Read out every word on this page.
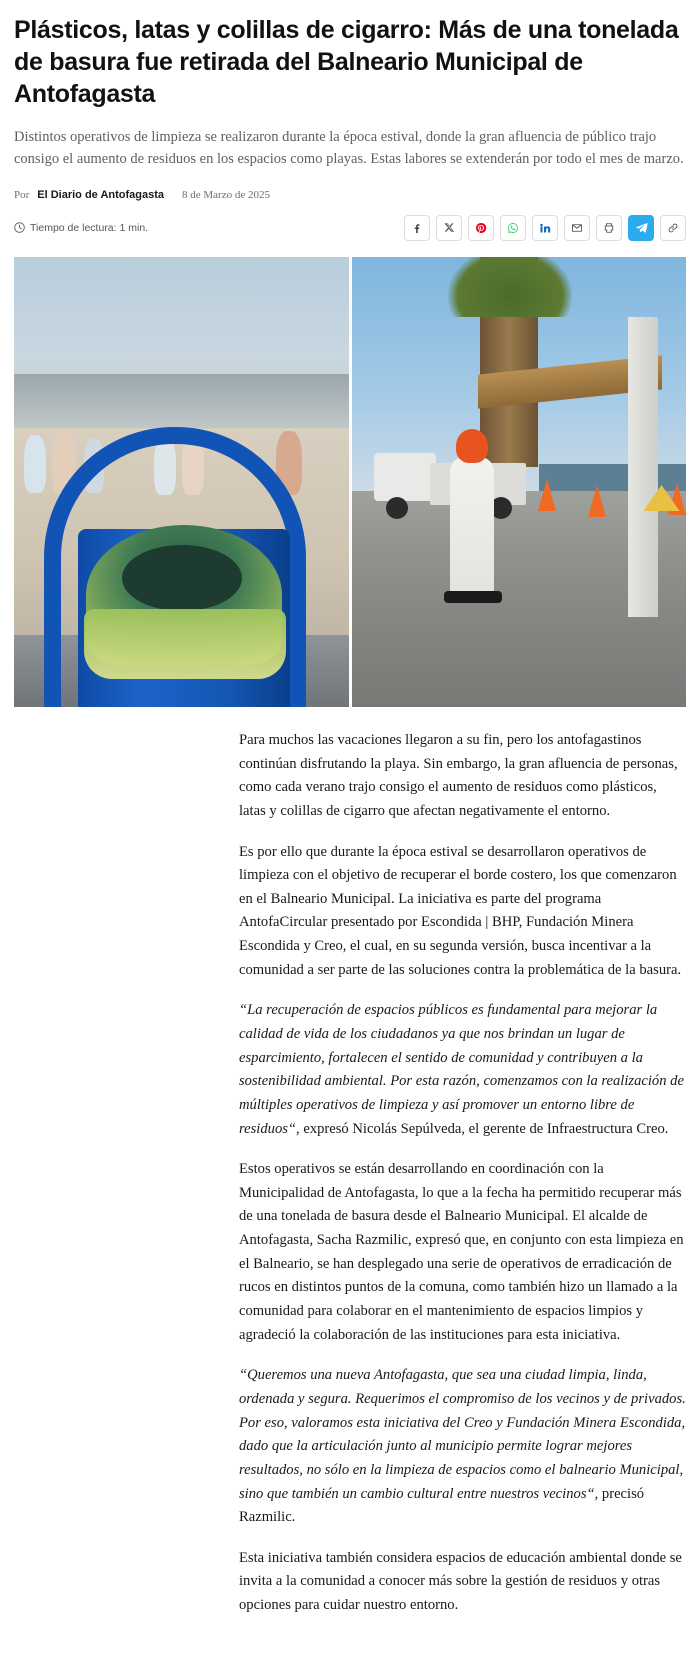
Plásticos, latas y colillas de cigarro: Más de una tonelada de basura fue retirada del Balneario Municipal de Antofagasta

Distintos operativos de limpieza se realizaron durante la época estival, donde la gran afluencia de público trajo consigo el aumento de residuos en los espacios como playas. Estas labores se extenderán por todo el mes de marzo.

Por El Diario de Antofagasta 8 de Marzo de 2025
Tiempo de lectura: 1 min.

Para muchos las vacaciones llegaron a su fin, pero los antofagastinos continúan disfrutando la playa. Sin embargo, la gran afluencia de personas, como cada verano trajo consigo el aumento de residuos como plásticos, latas y colillas de cigarro que afectan negativamente el entorno.

Es por ello que durante la época estival se desarrollaron operativos de limpieza con el objetivo de recuperar el borde costero, los que comenzaron en el Balneario Municipal. La iniciativa es parte del programa AntofaCircular presentado por Escondida | BHP, Fundación Minera Escondida y Creo, el cual, en su segunda versión, busca incentivar a la comunidad a ser parte de las soluciones contra la problemática de la basura.

“La recuperación de espacios públicos es fundamental para mejorar la calidad de vida de los ciudadanos ya que nos brindan un lugar de esparcimiento, fortalecen el sentido de comunidad y contribuyen a la sostenibilidad ambiental. Por esta razón, comenzamos con la realización de múltiples operativos de limpieza y así promover un entorno libre de residuos“, expresó Nicolás Sepúlveda, el gerente de Infraestructura Creo.

Estos operativos se están desarrollando en coordinación con la Municipalidad de Antofagasta, lo que a la fecha ha permitido recuperar más de una tonelada de basura desde el Balneario Municipal. El alcalde de Antofagasta, Sacha Razmilic, expresó que, en conjunto con esta limpieza en el Balneario, se han desplegado una serie de operativos de erradicación de rucos en distintos puntos de la comuna, como también hizo un llamado a la comunidad para colaborar en el mantenimiento de espacios limpios y agradeció la colaboración de las instituciones para esta iniciativa.

“Queremos una nueva Antofagasta, que sea una ciudad limpia, linda, ordenada y segura. Requerimos el compromiso de los vecinos y de privados. Por eso, valoramos esta iniciativa del Creo y Fundación Minera Escondida, dado que la articulación junto al municipio permite lograr mejores resultados, no sólo en la limpieza de espacios como el balneario Municipal, sino que también un cambio cultural entre nuestros vecinos“, precisó Razmilic.

Esta iniciativa también considera espacios de educación ambiental donde se invita a la comunidad a conocer más sobre la gestión de residuos y otras opciones para cuidar nuestro entorno.
